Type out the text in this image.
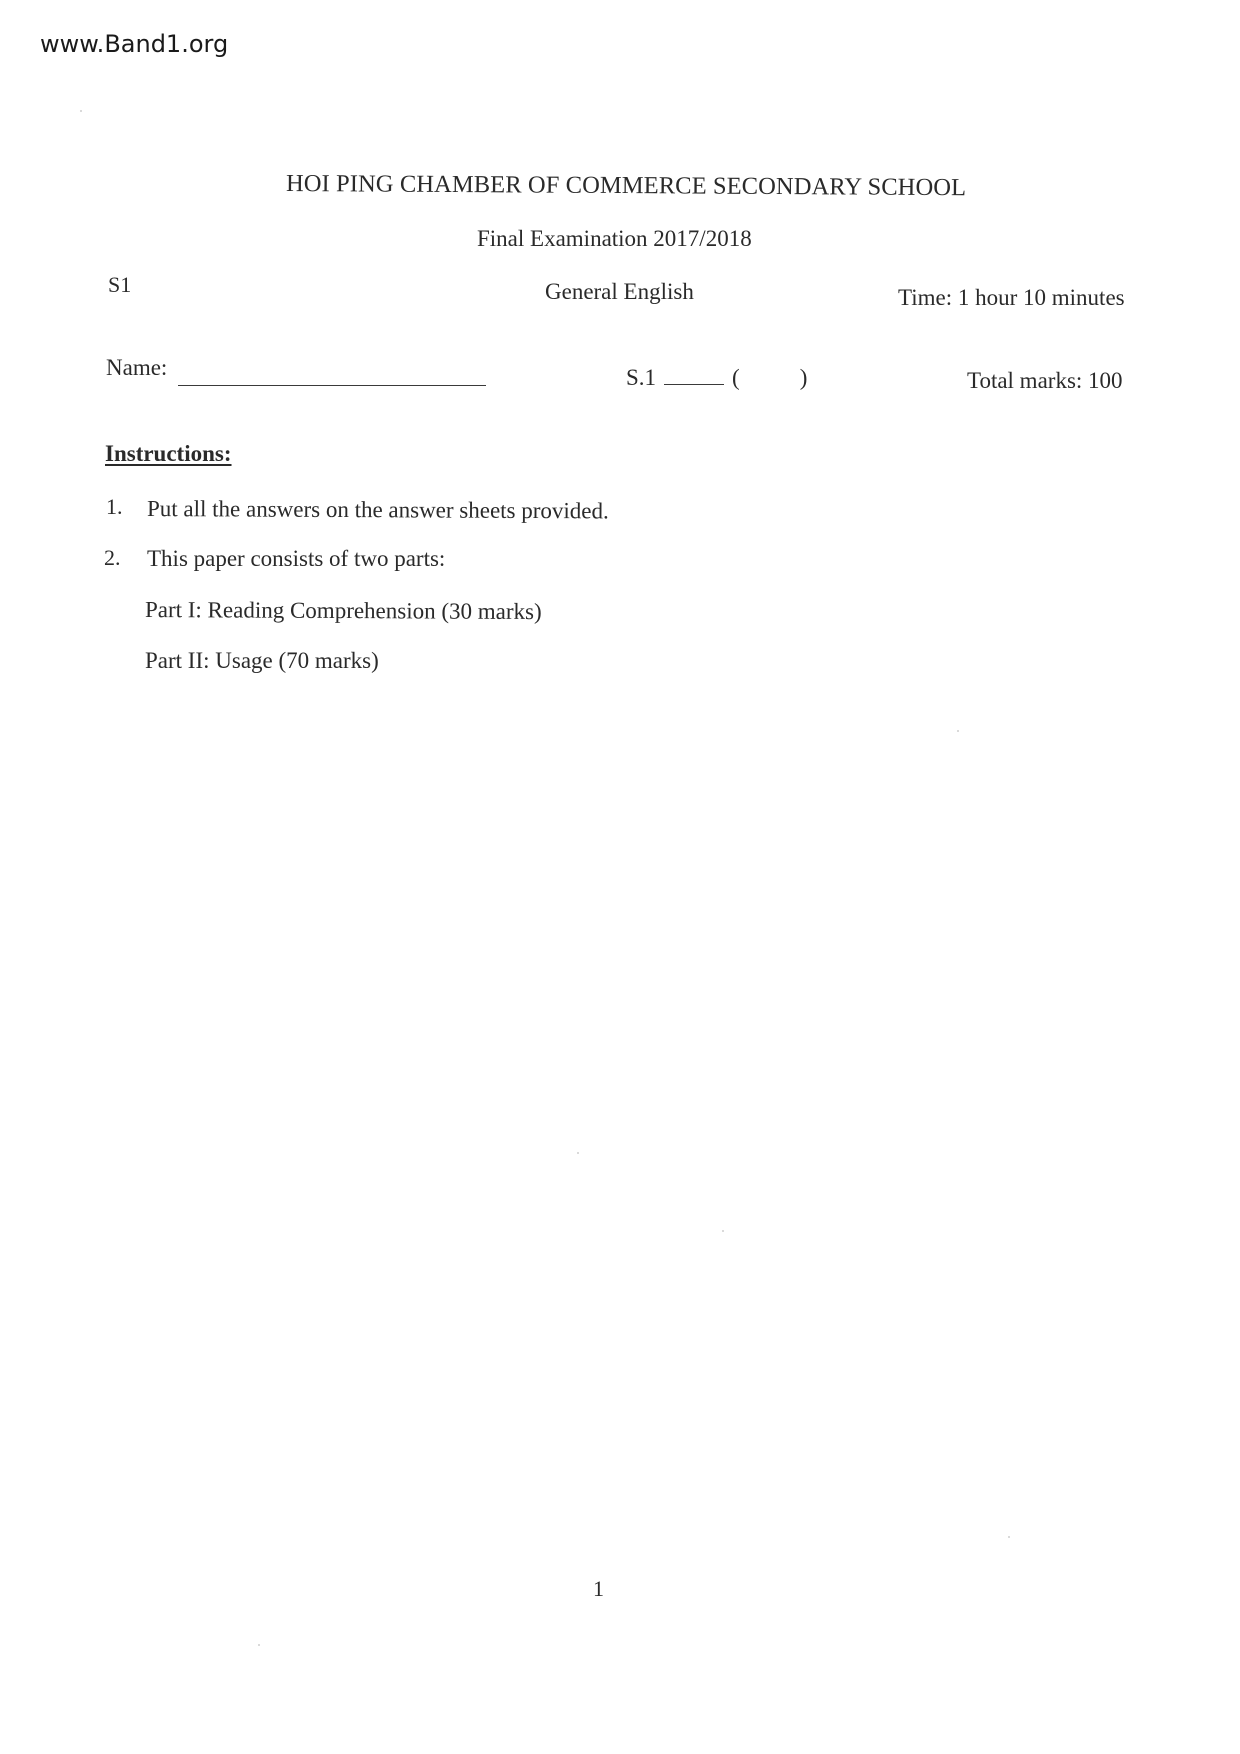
www.Band1.org
HOI PING CHAMBER OF COMMERCE SECONDARY SCHOOL
Final Examination 2017/2018
S1	General English	Time: 1 hour 10 minutes
Name:	S.1	(	)	Total marks: 100
Instructions:
1. Put all the answers on the answer sheets provided.
2. This paper consists of two parts:
Part I: Reading Comprehension (30 marks)
Part II: Usage (70 marks)
1
